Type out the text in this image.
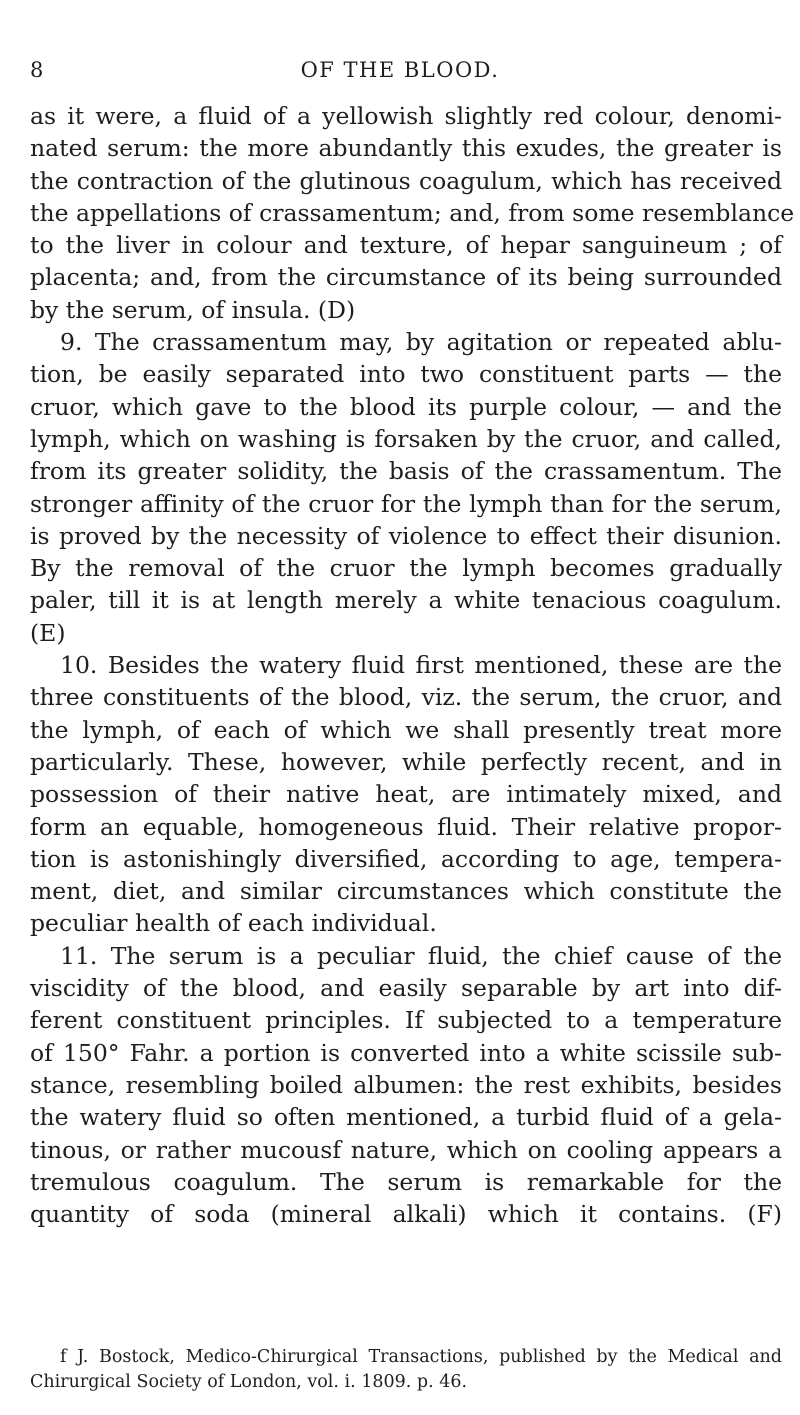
8	OF THE BLOOD.
as it were, a fluid of a yellowish slightly red colour, denomi-
nated serum: the more abundantly this exudes, the greater is
the contraction of the glutinous coagulum, which has received
the appellations of crassamentum; and, from some resemblance
to the liver in colour and texture, of hepar sanguineum ; of
placenta; and, from the circumstance of its being surrounded
by the serum, of insula. (D)
9. The crassamentum may, by agitation or repeated ablu-
tion, be easily separated into two constituent parts — the
cruor, which gave to the blood its purple colour, — and the
lymph, which on washing is forsaken by the cruor, and called,
from its greater solidity, the basis of the crassamentum. The
stronger affinity of the cruor for the lymph than for the serum,
is proved by the necessity of violence to effect their disunion.
By the removal of the cruor the lymph becomes gradually
paler, till it is at length merely a white tenacious coagulum.
(E)
10. Besides the watery fluid first mentioned, these are the
three constituents of the blood, viz. the serum, the cruor, and
the lymph, of each of which we shall presently treat more
particularly. These, however, while perfectly recent, and in
possession of their native heat, are intimately mixed, and
form an equable, homogeneous fluid. Their relative propor-
tion is astonishingly diversified, according to age, tempera-
ment, diet, and similar circumstances which constitute the
peculiar health of each individual.
11. The serum is a peculiar fluid, the chief cause of the
viscidity of the blood, and easily separable by art into dif-
ferent constituent principles. If subjected to a temperature
of 150° Fahr. a portion is converted into a white scissile sub-
stance, resembling boiled albumen: the rest exhibits, besides
the watery fluid so often mentioned, a turbid fluid of a gela-
tinous, or rather mucousf nature, which on cooling appears a
tremulous coagulum. The serum is remarkable for the
quantity of soda (mineral alkali) which it contains. (F)
f J. Bostock, Medico-Chirurgical Transactions, published by the Medical and
Chirurgical Society of London, vol. i. 1809. p. 46.
